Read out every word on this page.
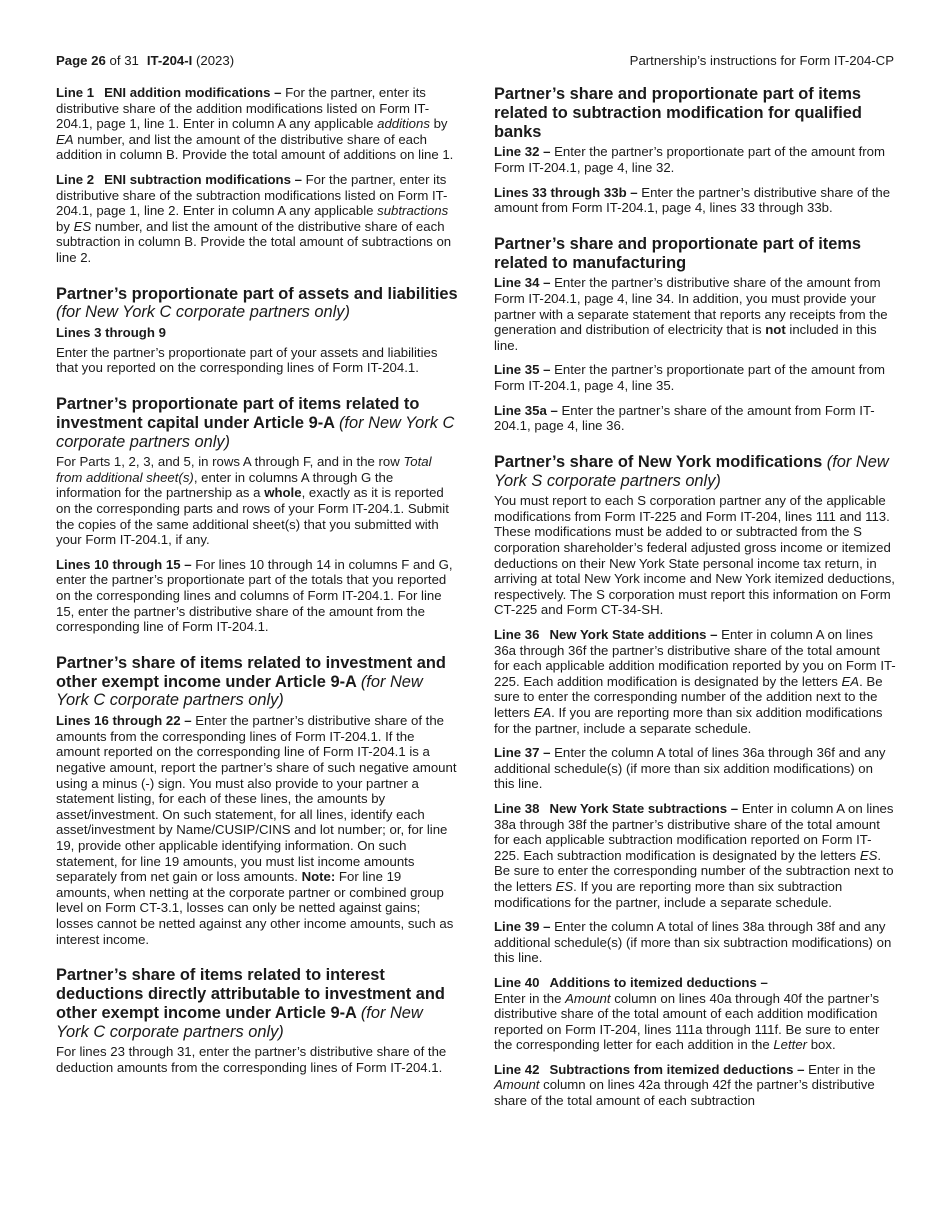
Page 26 of 31 IT-204-I (2023)	Partnership’s instructions for Form IT-204-CP

Line 1 ENI addition modifications – For the partner, enter its distributive share of the addition modifications listed on Form IT-204.1, page 1, line 1. Enter in column A any applicable additions by EA number, and list the amount of the distributive share of each addition in column B. Provide the total amount of additions on line 1.

Line 2 ENI subtraction modifications – For the partner, enter its distributive share of the subtraction modifications listed on Form IT-204.1, page 1, line 2. Enter in column A any applicable subtractions by ES number, and list the amount of the distributive share of each subtraction in column B. Provide the total amount of subtractions on line 2.

Partner’s proportionate part of assets and liabilities (for New York C corporate partners only)
Lines 3 through 9

Enter the partner’s proportionate part of your assets and liabilities that you reported on the corresponding lines of Form IT-204.1.

Partner’s proportionate part of items related to investment capital under Article 9-A (for New York C corporate partners only)

For Parts 1, 2, 3, and 5, in rows A through F, and in the row Total from additional sheet(s), enter in columns A through G the information for the partnership as a whole, exactly as it is reported on the corresponding parts and rows of your Form IT-204.1. Submit the copies of the same additional sheet(s) that you submitted with your Form IT-204.1, if any.

Lines 10 through 15 – For lines 10 through 14 in columns F and G, enter the partner’s proportionate part of the totals that you reported on the corresponding lines and columns of Form IT-204.1. For line 15, enter the partner’s distributive share of the amount from the corresponding line of Form IT-204.1.

Partner’s share of items related to investment and other exempt income under Article 9-A (for New York C corporate partners only)

Lines 16 through 22 – Enter the partner’s distributive share of the amounts from the corresponding lines of Form IT-204.1. If the amount reported on the corresponding line of Form IT-204.1 is a negative amount, report the partner’s share of such negative amount using a minus (-) sign. You must also provide to your partner a statement listing, for each of these lines, the amounts by asset/investment. On such statement, for all lines, identify each asset/investment by Name/CUSIP/CINS and lot number; or, for line 19, provide other applicable identifying information. On such statement, for line 19 amounts, you must list income amounts separately from net gain or loss amounts. Note: For line 19 amounts, when netting at the corporate partner or combined group level on Form CT-3.1, losses can only be netted against gains; losses cannot be netted against any other income amounts, such as interest income.

Partner’s share of items related to interest deductions directly attributable to investment and other exempt income under Article 9-A (for New York C corporate partners only)

For lines 23 through 31, enter the partner’s distributive share of the deduction amounts from the corresponding lines of Form IT-204.1.

Partner’s share and proportionate part of items related to subtraction modification for qualified banks

Line 32 – Enter the partner’s proportionate part of the amount from Form IT-204.1, page 4, line 32.

Lines 33 through 33b – Enter the partner’s distributive share of the amount from Form IT-204.1, page 4, lines 33 through 33b.

Partner’s share and proportionate part of items related to manufacturing

Line 34 – Enter the partner’s distributive share of the amount from Form IT-204.1, page 4, line 34. In addition, you must provide your partner with a separate statement that reports any receipts from the generation and distribution of electricity that is not included in this line.

Line 35 – Enter the partner’s proportionate part of the amount from Form IT-204.1, page 4, line 35.

Line 35a – Enter the partner’s share of the amount from Form IT-204.1, page 4, line 36.

Partner’s share of New York modifications (for New York S corporate partners only)

You must report to each S corporation partner any of the applicable modifications from Form IT-225 and Form IT-204, lines 111 and 113. These modifications must be added to or subtracted from the S corporation shareholder’s federal adjusted gross income or itemized deductions on their New York State personal income tax return, in arriving at total New York income and New York itemized deductions, respectively. The S corporation must report this information on Form CT-225 and Form CT-34-SH.

Line 36 New York State additions – Enter in column A on lines 36a through 36f the partner’s distributive share of the total amount for each applicable addition modification reported by you on Form IT-225. Each addition modification is designated by the letters EA. Be sure to enter the corresponding number of the addition next to the letters EA. If you are reporting more than six addition modifications for the partner, include a separate schedule.

Line 37 – Enter the column A total of lines 36a through 36f and any additional schedule(s) (if more than six addition modifications) on this line.

Line 38 New York State subtractions – Enter in column A on lines 38a through 38f the partner’s distributive share of the total amount for each applicable subtraction modification reported on Form IT-225. Each subtraction modification is designated by the letters ES. Be sure to enter the corresponding number of the subtraction next to the letters ES. If you are reporting more than six subtraction modifications for the partner, include a separate schedule.

Line 39 – Enter the column A total of lines 38a through 38f and any additional schedule(s) (if more than six subtraction modifications) on this line.

Line 40 Additions to itemized deductions –
Enter in the Amount column on lines 40a through 40f the partner’s distributive share of the total amount of each addition modification reported on Form IT-204, lines 111a through 111f. Be sure to enter the corresponding letter for each addition in the Letter box.

Line 42 Subtractions from itemized deductions – Enter in the Amount column on lines 42a through 42f the partner’s distributive share of the total amount of each subtraction
